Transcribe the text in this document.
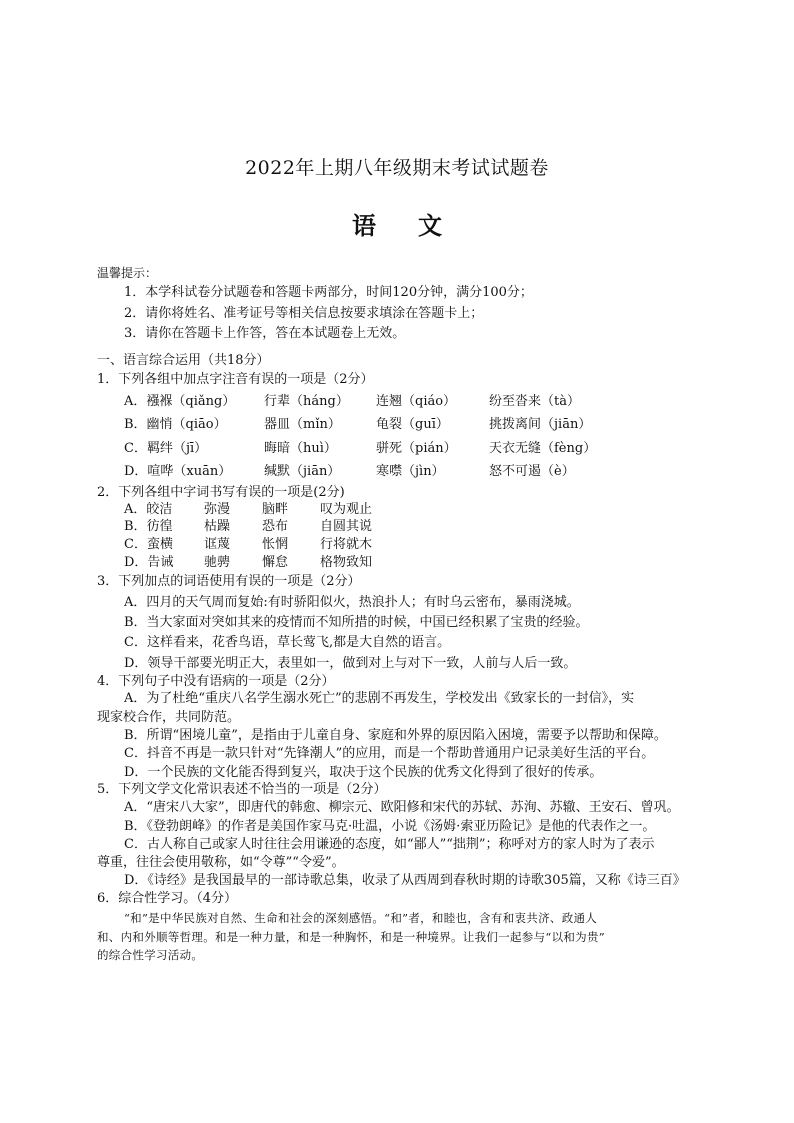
2022年上期八年级期末考试试题卷
语文
温馨提示：
1．本学科试卷分试题卷和答题卡两部分，时间120分钟，满分100分；
2．请你将姓名、准考证号等相关信息按要求填涂在答题卡上；
3．请你在答题卡上作答，答在本试题卷上无效。
一、语言综合运用（共18分）
1．下列各组中加点字注音有误的一项是（2分）
A．襁褓（qiǎng） 行辈（háng） 连翘（qiáo）	纷至沓来（tà）
B．幽悄（qiāo）	器皿（mǐn）	龟裂（guī）	挑拨离间（jiān）
C．羁绊（jī）	晦暗（huì）	骈死（pián） 天衣无缝（fèng）
D．喧哗（xuān）	缄默（jiān）	寒噤（jìn）	怒不可遏（è）
2．下列各组中字词书写有误的一项是(2分)
A．皎洁 弥漫 脑畔 叹为观止
B．彷徨 枯躁 恐布 自圆其说
C．蛮横 诓蔑 怅惘 行将就木
D．告诫 驰骋 懈怠 格物致知
3．下列加点的词语使用有误的一项是（2分）
A．四月的天气周而复始:有时骄阳似火，热浪扑人；有时乌云密布，暴雨浇城。
B．当大家面对突如其来的疫情而不知所措的时候，中国已经积累了宝贵的经验。
C．这样看来，花香鸟语，草长莺飞,都是大自然的语言。
D．领导干部要光明正大，表里如一，做到对上与对下一致，人前与人后一致。
4．下列句子中没有语病的一项是（2分）
A．为了杜绝“重庆八名学生溺水死亡”的悲剧不再发生，学校发出《致家长的一封信》，实
现家校合作，共同防范。
B．所谓“困境儿童”，是指由于儿童自身、家庭和外界的原因陷入困境，需要予以帮助和保障。
C．抖音不再是一款只针对“先锋潮人”的应用，而是一个帮助普通用户记录美好生活的平台。
D．一个民族的文化能否得到复兴，取决于这个民族的优秀文化得到了很好的传承。
5．下列文学文化常识表述不恰当的一项是（2分）
A．“唐宋八大家”，即唐代的韩愈、柳宗元、欧阳修和宋代的苏轼、苏洵、苏辙、王安石、曾巩。
B．《登勃朗峰》的作者是美国作家马克·吐温，小说《汤姆·索亚历险记》是他的代表作之一。
C．古人称自己或家人时往往会用谦逊的态度，如“鄙人”“拙荆”；称呼对方的家人时为了表示
尊重，往往会使用敬称，如“令尊”“令爱”。
D．《诗经》是我国最早的一部诗歌总集，收录了从西周到春秋时期的诗歌305篇，又称《诗三百》
6．综合性学习。（4分）
“和”是中华民族对自然、生命和社会的深刻感悟。“和”者，和睦也，含有和衷共济、政通人
和、内和外顺等哲理。和是一种力量，和是一种胸怀，和是一种境界。让我们一起参与“以和为贵”
的综合性学习活动。
